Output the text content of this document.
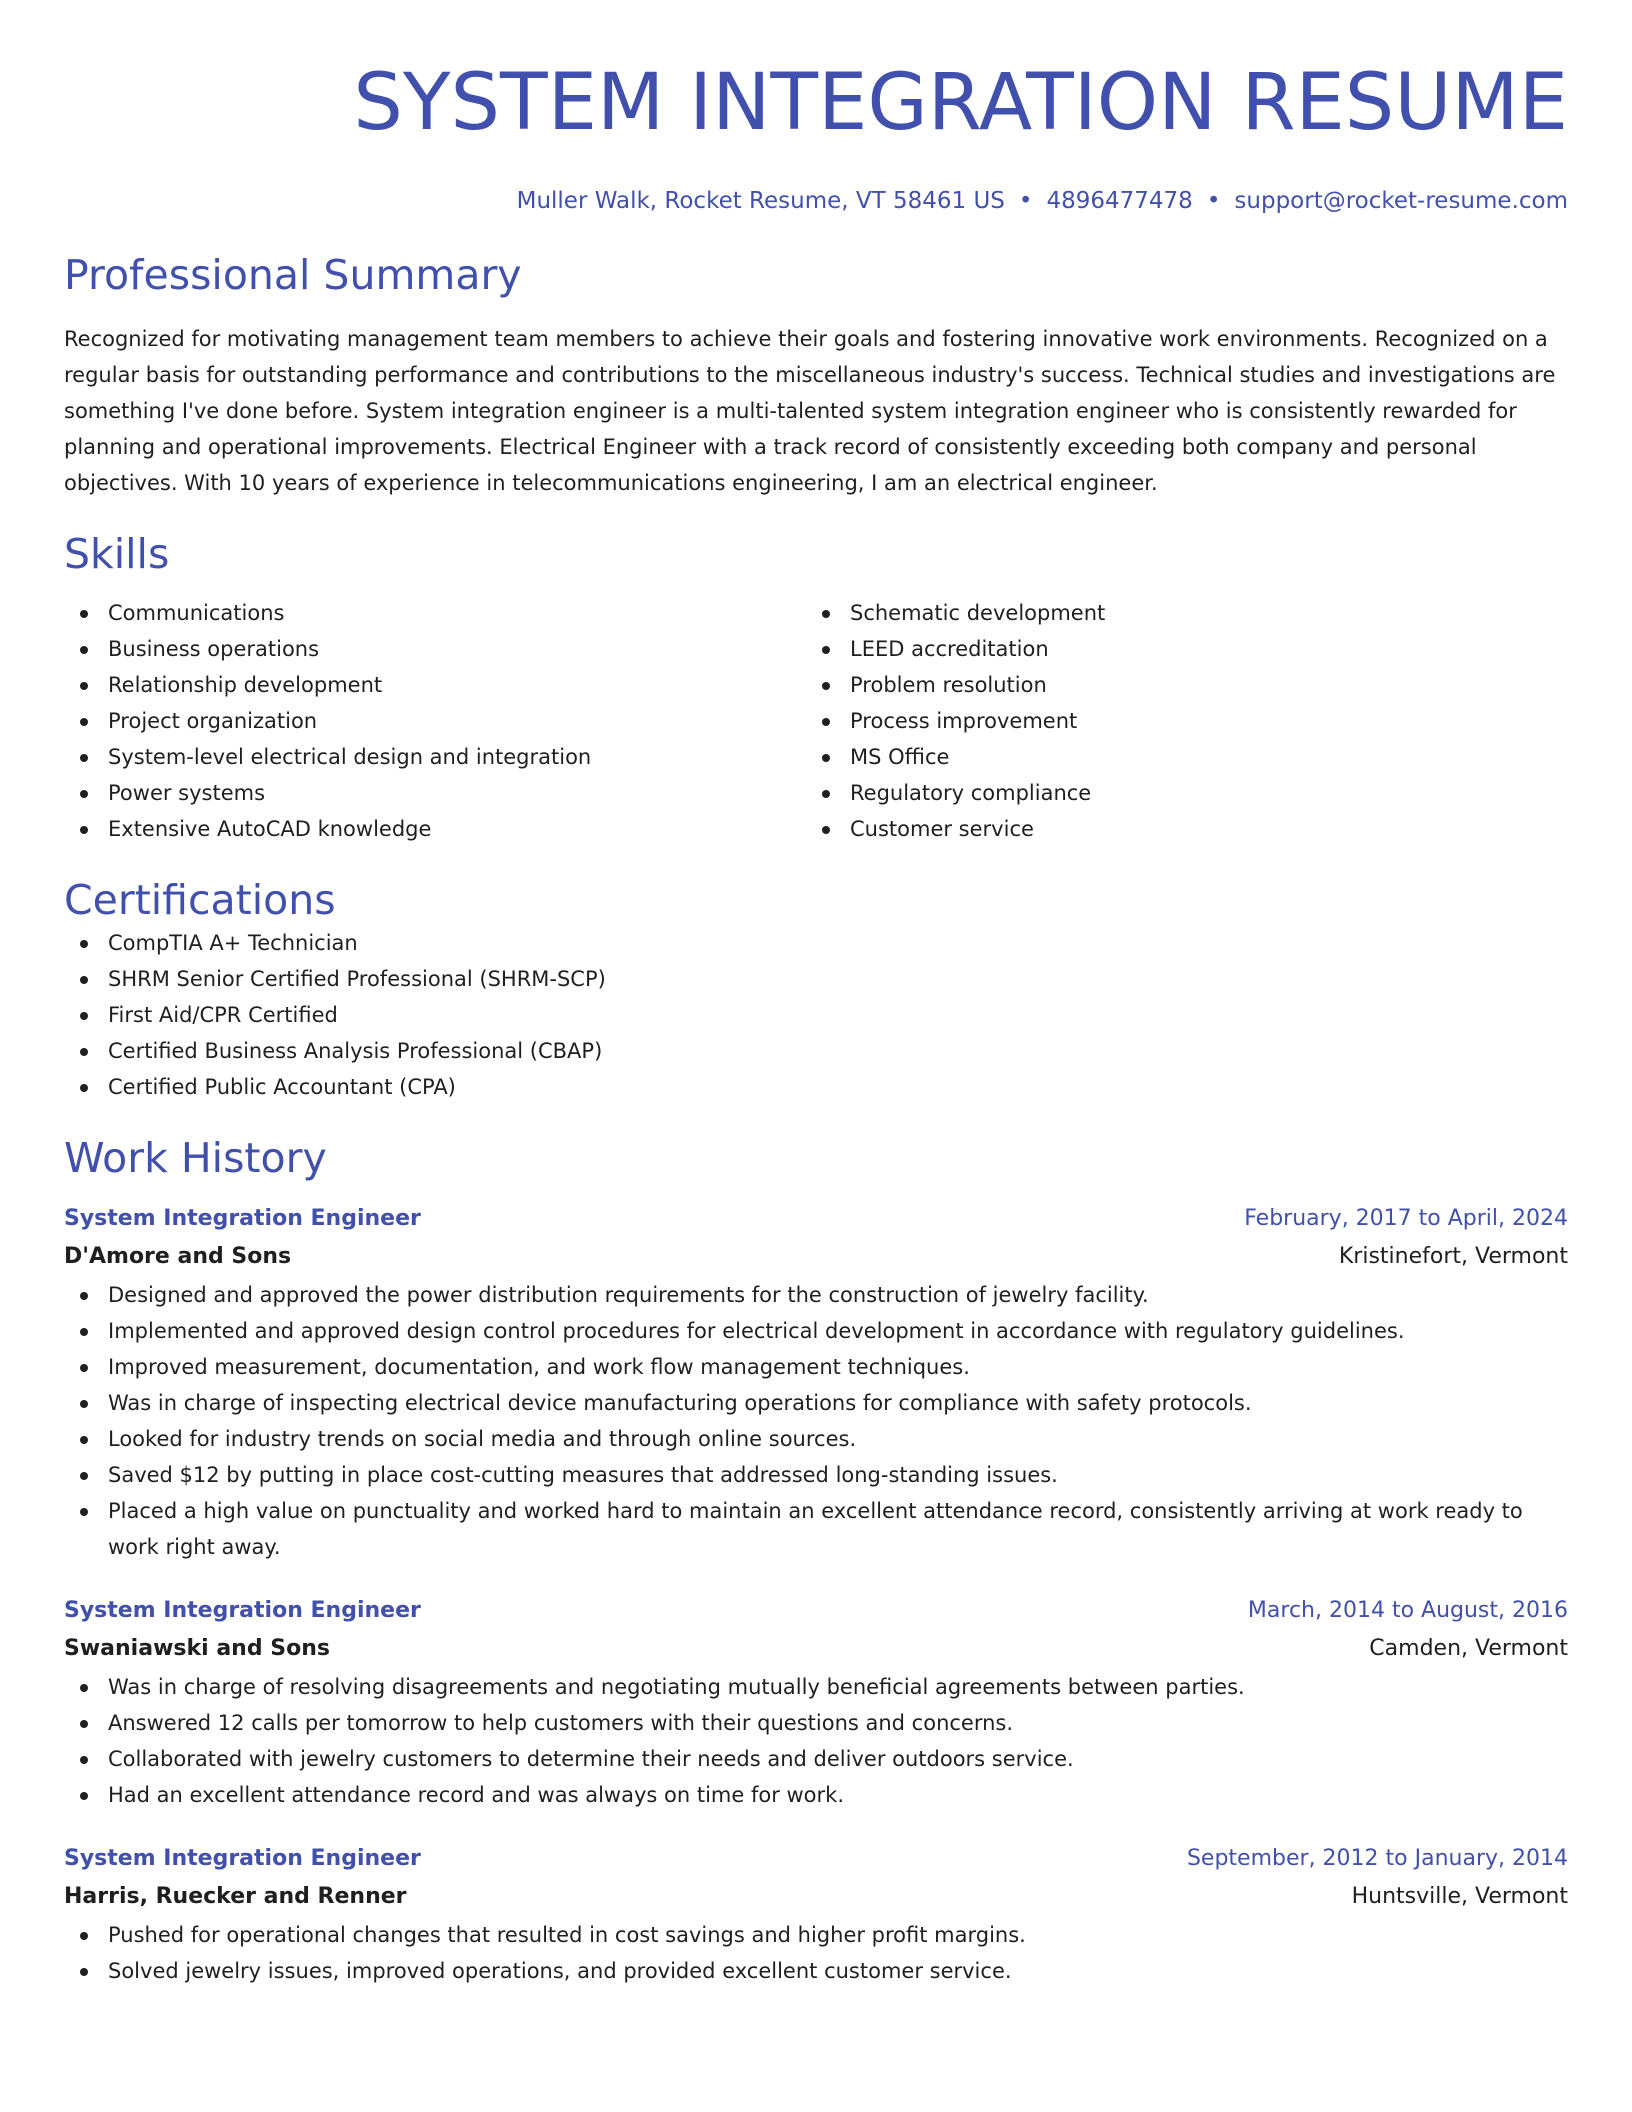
SYSTEM INTEGRATION RESUME
Muller Walk, Rocket Resume, VT 58461 US • 4896477478 • support@rocket-resume.com
Professional Summary
Recognized for motivating management team members to achieve their goals and fostering innovative work environments. Recognized on a regular basis for outstanding performance and contributions to the miscellaneous industry's success. Technical studies and investigations are something I've done before. System integration engineer is a multi-talented system integration engineer who is consistently rewarded for planning and operational improvements. Electrical Engineer with a track record of consistently exceeding both company and personal objectives. With 10 years of experience in telecommunications engineering, I am an electrical engineer.
Skills
Communications
Business operations
Relationship development
Project organization
System-level electrical design and integration
Power systems
Extensive AutoCAD knowledge
Schematic development
LEED accreditation
Problem resolution
Process improvement
MS Office
Regulatory compliance
Customer service
Certifications
CompTIA A+ Technician
SHRM Senior Certified Professional (SHRM-SCP)
First Aid/CPR Certified
Certified Business Analysis Professional (CBAP)
Certified Public Accountant (CPA)
Work History
System Integration Engineer	February, 2017 to April, 2024
D'Amore and Sons	Kristinefort, Vermont
Designed and approved the power distribution requirements for the construction of jewelry facility.
Implemented and approved design control procedures for electrical development in accordance with regulatory guidelines.
Improved measurement, documentation, and work flow management techniques.
Was in charge of inspecting electrical device manufacturing operations for compliance with safety protocols.
Looked for industry trends on social media and through online sources.
Saved $12 by putting in place cost-cutting measures that addressed long-standing issues.
Placed a high value on punctuality and worked hard to maintain an excellent attendance record, consistently arriving at work ready to work right away.
System Integration Engineer	March, 2014 to August, 2016
Swaniawski and Sons	Camden, Vermont
Was in charge of resolving disagreements and negotiating mutually beneficial agreements between parties.
Answered 12 calls per tomorrow to help customers with their questions and concerns.
Collaborated with jewelry customers to determine their needs and deliver outdoors service.
Had an excellent attendance record and was always on time for work.
System Integration Engineer	September, 2012 to January, 2014
Harris, Ruecker and Renner	Huntsville, Vermont
Pushed for operational changes that resulted in cost savings and higher profit margins.
Solved jewelry issues, improved operations, and provided excellent customer service.
